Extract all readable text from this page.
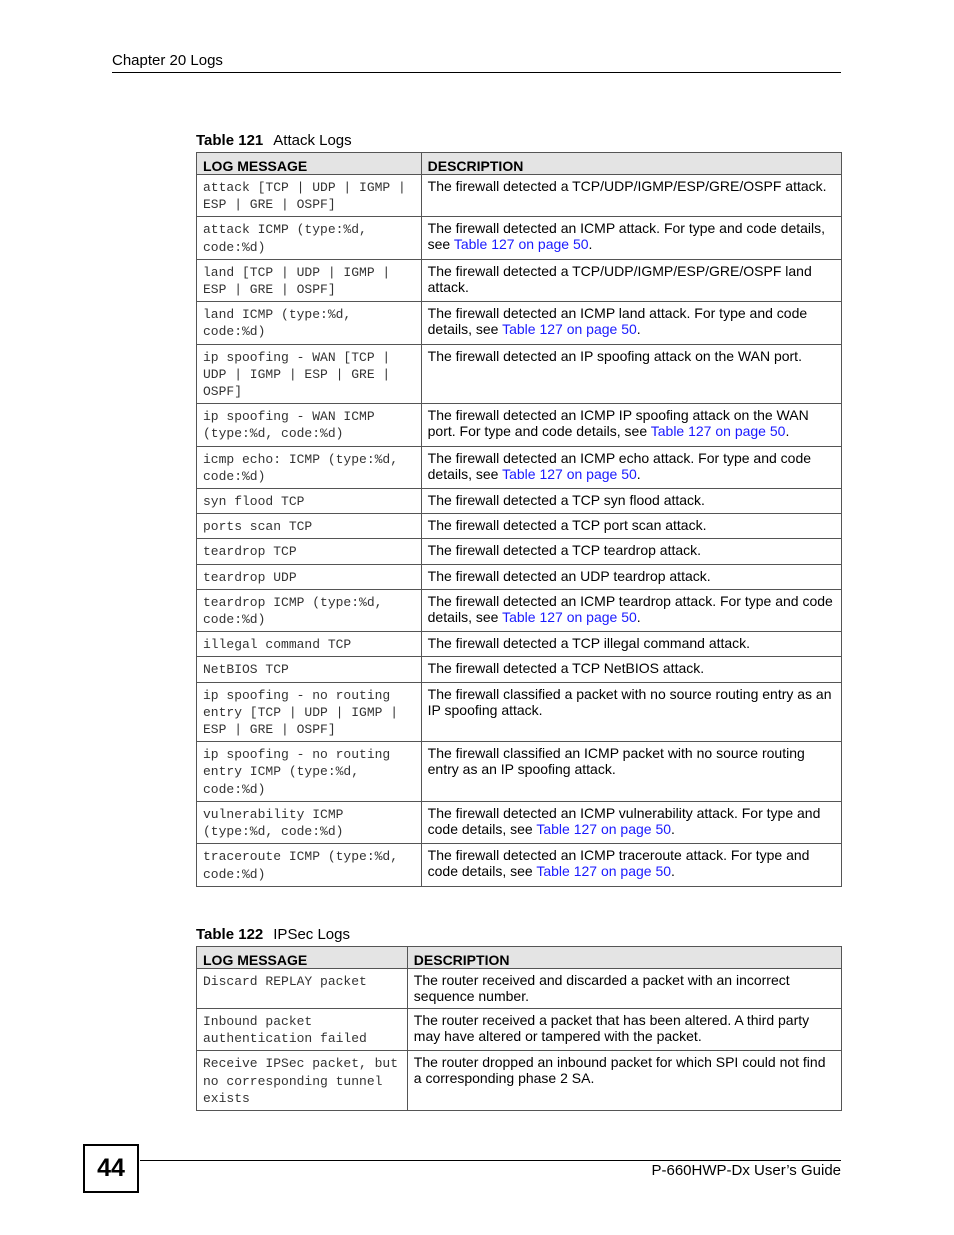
Chapter 20 Logs
Table 121 Attack Logs
LOG MESSAGE	DESCRIPTION
attack [TCP | UDP | IGMP | ESP | GRE | OSPF]	The firewall detected a TCP/UDP/IGMP/ESP/GRE/OSPF attack.
attack ICMP (type:%d, code:%d)	The firewall detected an ICMP attack. For type and code details, see Table 127 on page 50.
land [TCP | UDP | IGMP | ESP | GRE | OSPF]	The firewall detected a TCP/UDP/IGMP/ESP/GRE/OSPF land attack.
land ICMP (type:%d, code:%d)	The firewall detected an ICMP land attack. For type and code details, see Table 127 on page 50.
ip spoofing - WAN [TCP | UDP | IGMP | ESP | GRE | OSPF]	The firewall detected an IP spoofing attack on the WAN port.
ip spoofing - WAN ICMP (type:%d, code:%d)	The firewall detected an ICMP IP spoofing attack on the WAN port. For type and code details, see Table 127 on page 50.
icmp echo: ICMP (type:%d, code:%d)	The firewall detected an ICMP echo attack. For type and code details, see Table 127 on page 50.
syn flood TCP	The firewall detected a TCP syn flood attack.
ports scan TCP	The firewall detected a TCP port scan attack.
teardrop TCP	The firewall detected a TCP teardrop attack.
teardrop UDP	The firewall detected an UDP teardrop attack.
teardrop ICMP (type:%d, code:%d)	The firewall detected an ICMP teardrop attack. For type and code details, see Table 127 on page 50.
illegal command TCP	The firewall detected a TCP illegal command attack.
NetBIOS TCP	The firewall detected a TCP NetBIOS attack.
ip spoofing - no routing entry [TCP | UDP | IGMP | ESP | GRE | OSPF]	The firewall classified a packet with no source routing entry as an IP spoofing attack.
ip spoofing - no routing entry ICMP (type:%d, code:%d)	The firewall classified an ICMP packet with no source routing entry as an IP spoofing attack.
vulnerability ICMP (type:%d, code:%d)	The firewall detected an ICMP vulnerability attack. For type and code details, see Table 127 on page 50.
traceroute ICMP (type:%d, code:%d)	The firewall detected an ICMP traceroute attack. For type and code details, see Table 127 on page 50.
Table 122 IPSec Logs
LOG MESSAGE	DESCRIPTION
Discard REPLAY packet	The router received and discarded a packet with an incorrect sequence number.
Inbound packet authentication failed	The router received a packet that has been altered. A third party may have altered or tampered with the packet.
Receive IPSec packet, but no corresponding tunnel exists	The router dropped an inbound packet for which SPI could not find a corresponding phase 2 SA.
44	P-660HWP-Dx User’s Guide
